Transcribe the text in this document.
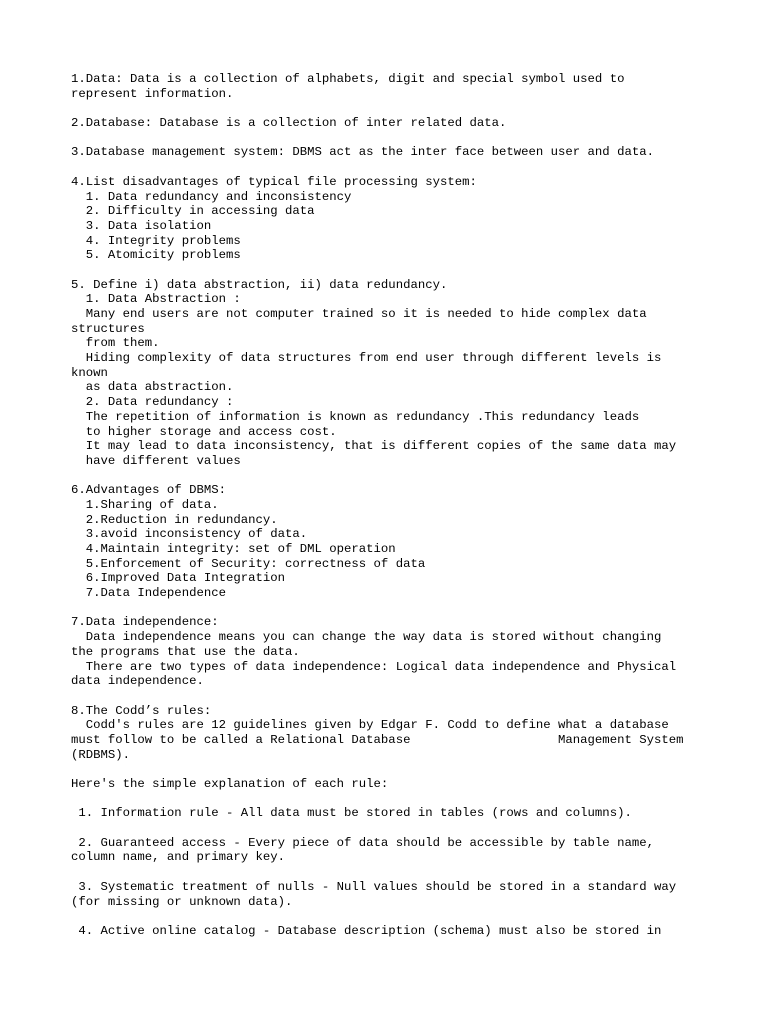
1.Data: Data is a collection of alphabets, digit and special symbol used to
represent information.
2.Database: Database is a collection of inter related data.
3.Database management system: DBMS act as the inter face between user and data.
4.List disadvantages of typical file processing system:
1. Data redundancy and inconsistency
2. Difficulty in accessing data
3. Data isolation
4. Integrity problems
5. Atomicity problems
5. Define i) data abstraction, ii) data redundancy.
1. Data Abstraction :
Many end users are not computer trained so it is needed to hide complex data
structures
from them.
Hiding complexity of data structures from end user through different levels is
known
as data abstraction.
2. Data redundancy :
The repetition of information is known as redundancy .This redundancy leads
to higher storage and access cost.
It may lead to data inconsistency, that is different copies of the same data may
have different values
6.Advantages of DBMS:
1.Sharing of data.
2.Reduction in redundancy.
3.avoid inconsistency of data.
4.Maintain integrity: set of DML operation
5.Enforcement of Security: correctness of data
6.Improved Data Integration
7.Data Independence
7.Data independence:
Data independence means you can change the way data is stored without changing
the programs that use the data.
There are two types of data independence: Logical data independence and Physical
data independence.
8.The Codd’s rules:
Codd's rules are 12 guidelines given by Edgar F. Codd to define what a database
must follow to be called a Relational Database                    Management System
(RDBMS).
Here's the simple explanation of each rule:
1. Information rule - All data must be stored in tables (rows and columns).
2. Guaranteed access - Every piece of data should be accessible by table name,
column name, and primary key.
3. Systematic treatment of nulls - Null values should be stored in a standard way
(for missing or unknown data).
4. Active online catalog - Database description (schema) must also be stored in
